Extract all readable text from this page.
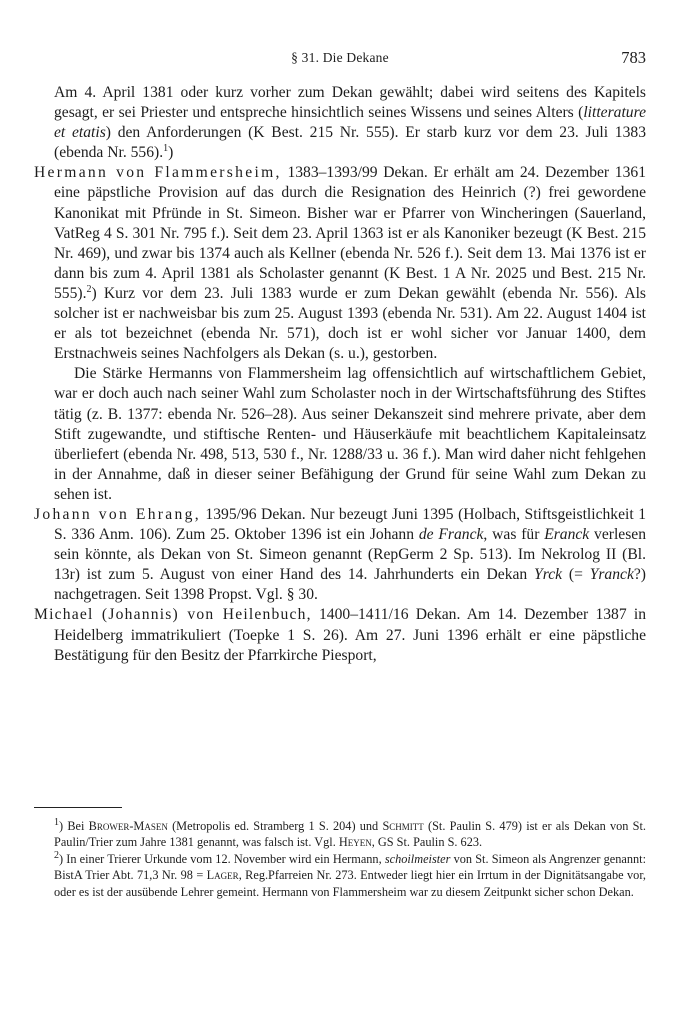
§ 31. Die Dekane	783

Am 4. April 1381 oder kurz vorher zum Dekan gewählt; dabei wird seitens des Kapitels gesagt, er sei Priester und entspreche hinsichtlich seines Wissens und seines Alters (litterature et etatis) den Anforderungen (K Best. 215 Nr. 555). Er starb kurz vor dem 23. Juli 1383 (ebenda Nr. 556).$^1$)

Hermann von Flammersheim, 1383–1393/99 Dekan. Er erhält am 24. Dezember 1361 eine päpstliche Provision auf das durch die Resignation des Heinrich (?) frei gewordene Kanonikat mit Pfründe in St. Simeon. Bisher war er Pfarrer von Wincheringen (Sauerland, VatReg 4 S. 301 Nr. 795 f.). Seit dem 23. April 1363 ist er als Kanoniker bezeugt (K Best. 215 Nr. 469), und zwar bis 1374 auch als Kellner (ebenda Nr. 526 f.). Seit dem 13. Mai 1376 ist er dann bis zum 4. April 1381 als Scholaster genannt (K Best. 1 A Nr. 2025 und Best. 215 Nr. 555).$^2$) Kurz vor dem 23. Juli 1383 wurde er zum Dekan gewählt (ebenda Nr. 556). Als solcher ist er nachweisbar bis zum 25. August 1393 (ebenda Nr. 531). Am 22. August 1404 ist er als tot bezeichnet (ebenda Nr. 571), doch ist er wohl sicher vor Januar 1400, dem Erstnachweis seines Nachfolgers als Dekan (s. u.), gestorben.

Die Stärke Hermanns von Flammersheim lag offensichtlich auf wirtschaftlichem Gebiet, war er doch auch nach seiner Wahl zum Scholaster noch in der Wirtschaftsführung des Stiftes tätig (z. B. 1377: ebenda Nr. 526–28). Aus seiner Dekanszeit sind mehrere private, aber dem Stift zugewandte, und stiftische Renten- und Häuserkäufe mit beachtlichem Kapitaleinsatz überliefert (ebenda Nr. 498, 513, 530 f., Nr. 1288/33 u. 36 f.). Man wird daher nicht fehlgehen in der Annahme, daß in dieser seiner Befähigung der Grund für seine Wahl zum Dekan zu sehen ist.

Johann von Ehrang, 1395/96 Dekan. Nur bezeugt Juni 1395 (Holbach, Stiftsgeistlichkeit 1 S. 336 Anm. 106). Zum 25. Oktober 1396 ist ein Johann de Franck, was für Eranck verlesen sein könnte, als Dekan von St. Simeon genannt (RepGerm 2 Sp. 513). Im Nekrolog II (Bl. 13r) ist zum 5. August von einer Hand des 14. Jahrhunderts ein Dekan Yrck (= Yranck?) nachgetragen. Seit 1398 Propst. Vgl. § 30.

Michael (Johannis) von Heilenbuch, 1400–1411/16 Dekan. Am 14. Dezember 1387 in Heidelberg immatrikuliert (Toepke 1 S. 26). Am 27. Juni 1396 erhält er eine päpstliche Bestätigung für den Besitz der Pfarrkirche Piesport,

$^1$) Bei Brower-Masen (Metropolis ed. Stramberg 1 S. 204) und Schmitt (St. Paulin S. 479) ist er als Dekan von St. Paulin/Trier zum Jahre 1381 genannt, was falsch ist. Vgl. Heyen, GS St. Paulin S. 623.

$^2$) In einer Trierer Urkunde vom 12. November wird ein Hermann, schoilmeister von St. Simeon als Angrenzer genannt: BistA Trier Abt. 71,3 Nr. 98 = Lager, Reg.Pfarreien Nr. 273. Entweder liegt hier ein Irrtum in der Dignitätsangabe vor, oder es ist der ausübende Lehrer gemeint. Hermann von Flammersheim war zu diesem Zeitpunkt sicher schon Dekan.
